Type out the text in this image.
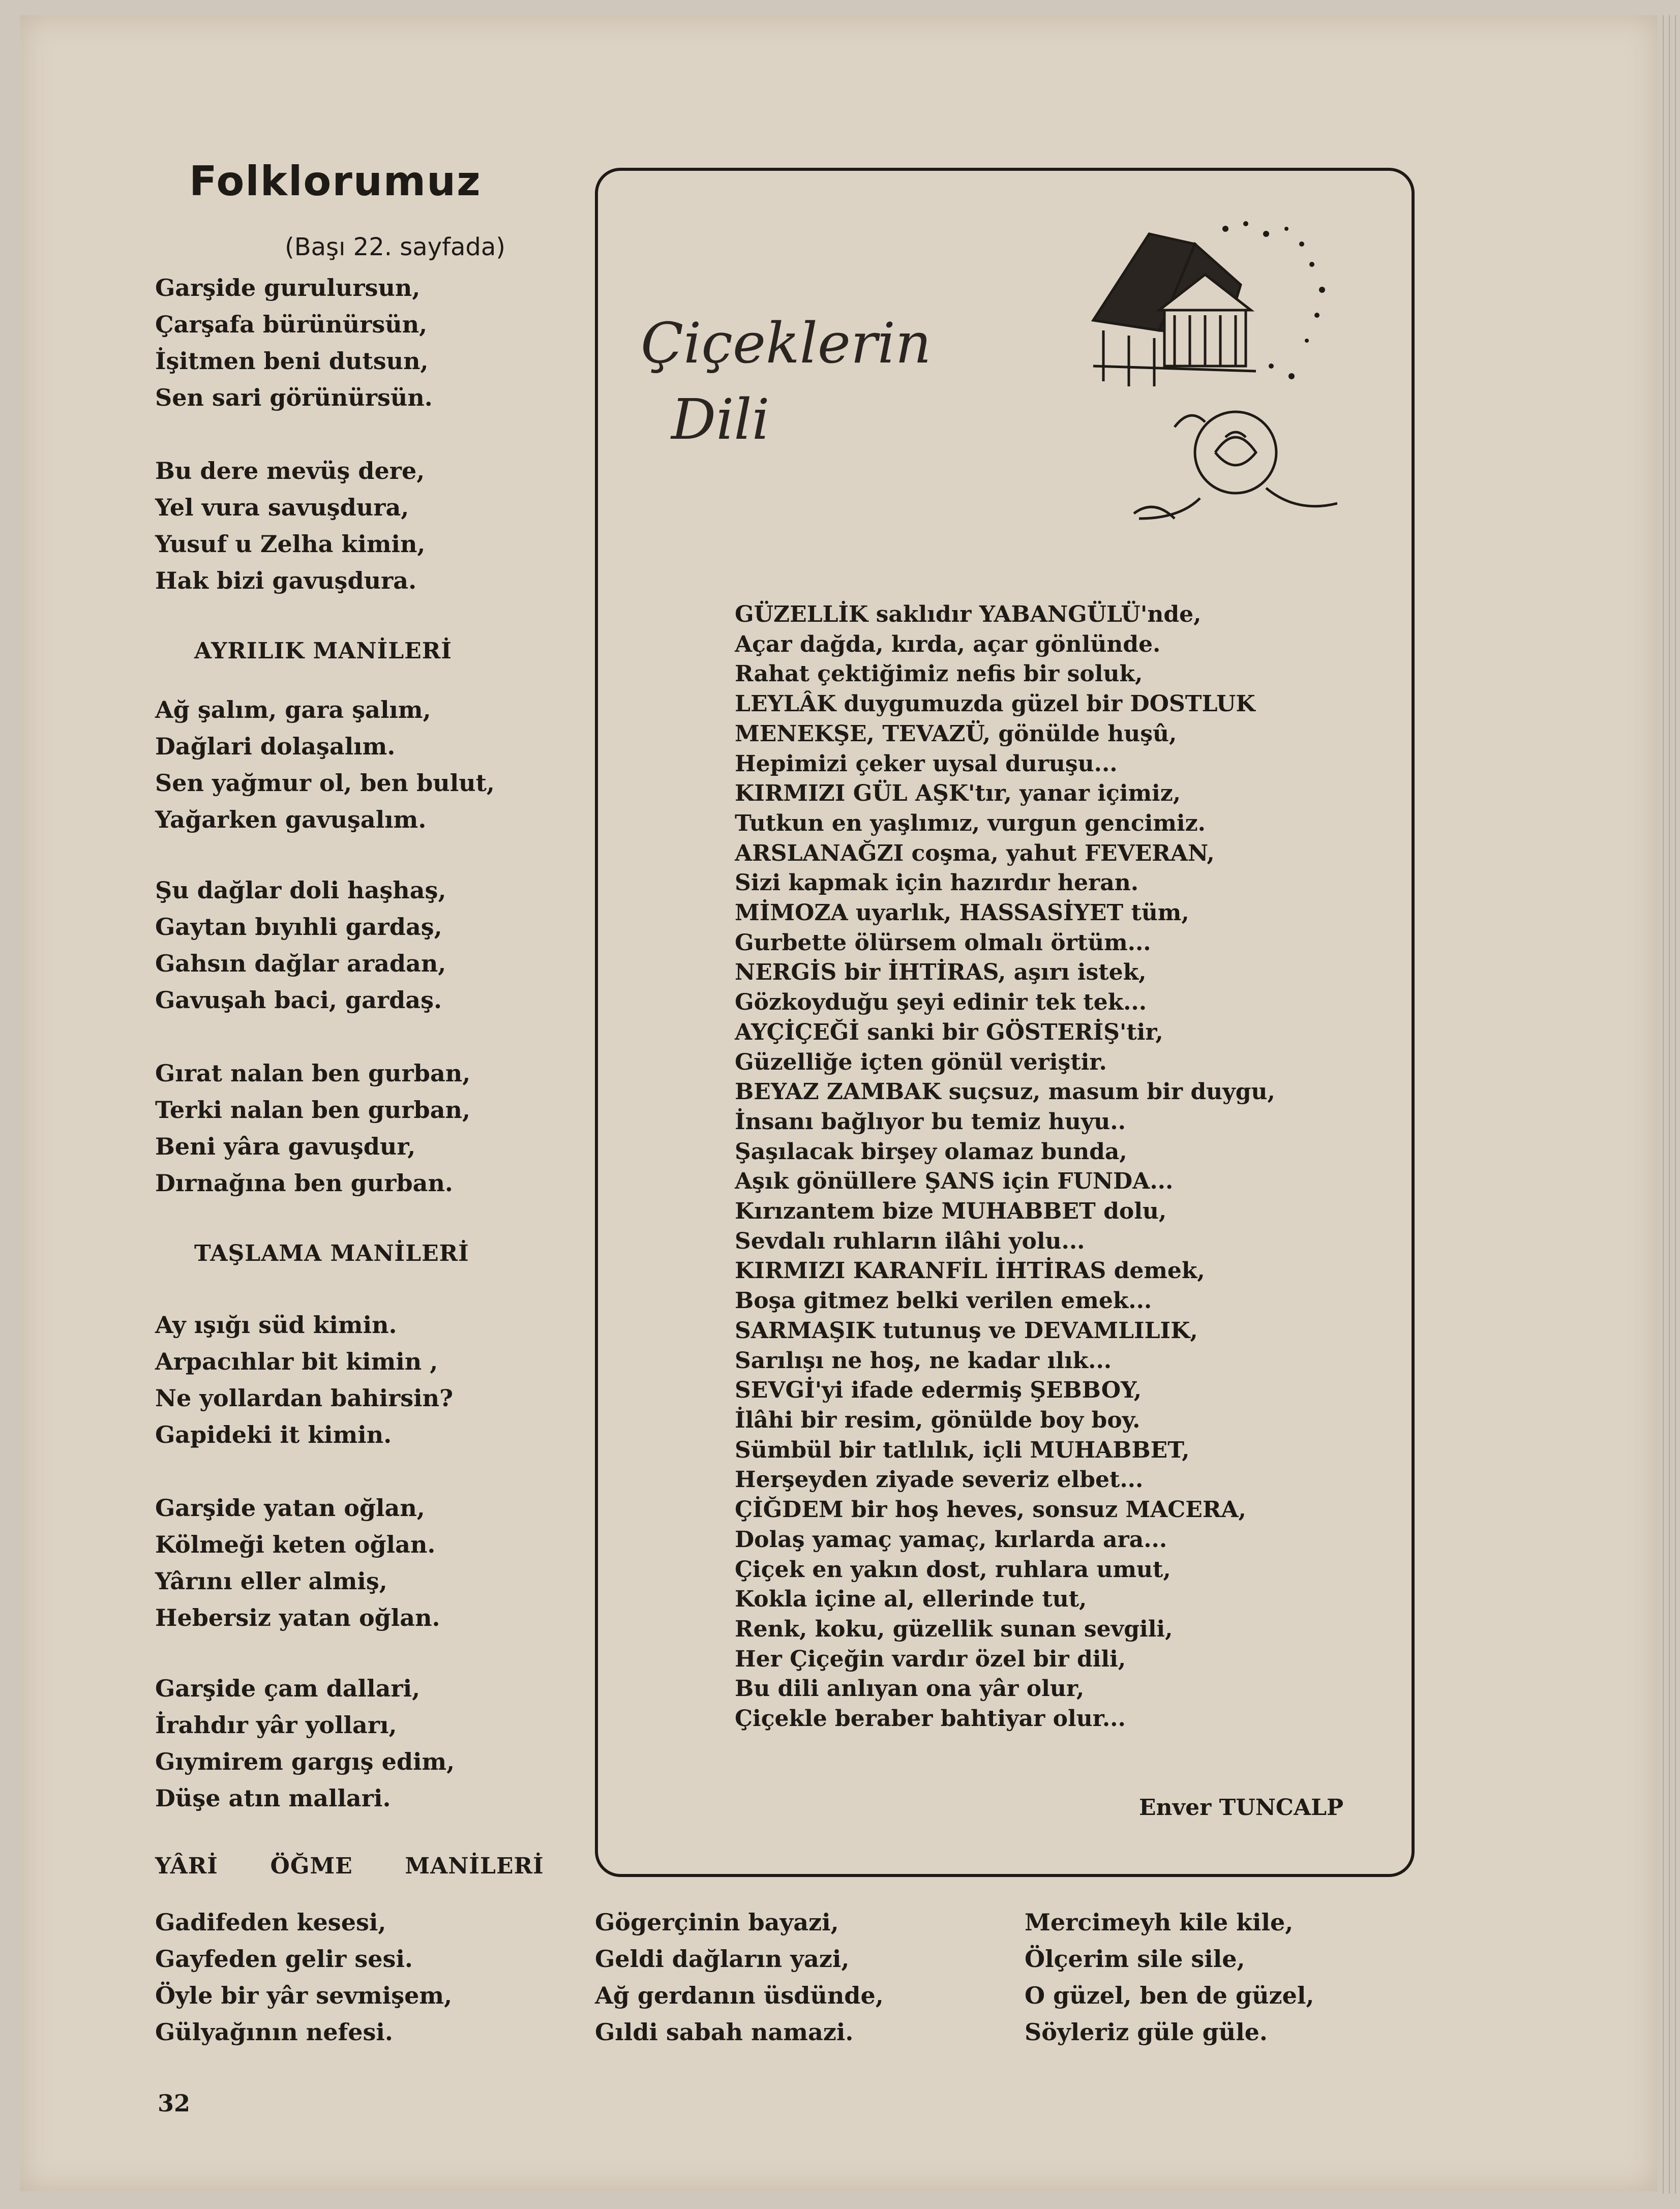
Folklorumuz
(Başı 22. sayfada)
Garşide gurulursun,
Çarşafa bürünürsün,
İşitmen beni dutsun,
Sen sari görünürsün.
Bu dere mevüş dere,
Yel vura savuşdura,
Yusuf u Zelha kimin,
Hak bizi gavuşdura.
AYRILIK MANİLERİ
Ağ şalım, gara şalım,
Dağlari dolaşalım.
Sen yağmur ol, ben bulut,
Yağarken gavuşalım.
Şu dağlar doli haşhaş,
Gaytan bıyıhli gardaş,
Gahsın dağlar aradan,
Gavuşah baci, gardaş.
Gırat nalan ben gurban,
Terki nalan ben gurban,
Beni yâra gavuşdur,
Dırnağına ben gurban.
TAŞLAMA MANİLERİ
Ay ışığı süd kimin.
Arpacıhlar bit kimin ,
Ne yollardan bahirsin?
Gapideki it kimin.
Garşide yatan oğlan,
Kölmeği keten oğlan.
Yârını eller almiş,
Hebersiz yatan oğlan.
Garşide çam dallari,
İrahdır yâr yolları,
Gıymirem gargış edim,
Düşe atın mallari.
Çiçeklerin
Dili
GÜZELLİK saklıdır YABANGÜLÜ'nde,
Açar dağda, kırda, açar gönlünde.
Rahat çektiğimiz nefis bir soluk,
LEYLÂK duygumuzda güzel bir DOSTLUK
MENEKŞE, TEVAZÜ, gönülde huşû,
Hepimizi çeker uysal duruşu...
KIRMIZI GÜL AŞK'tır, yanar içimiz,
Tutkun en yaşlımız, vurgun gencimiz.
ARSLANAĞZI coşma, yahut FEVERAN,
Sizi kapmak için hazırdır heran.
MİMOZA uyarlık, HASSASİYET tüm,
Gurbette ölürsem olmalı örtüm...
NERGİS bir İHTİRAS, aşırı istek,
Gözkoyduğu şeyi edinir tek tek...
AYÇİÇEĞİ sanki bir GÖSTERİŞ'tir,
Güzelliğe içten gönül veriştir.
BEYAZ ZAMBAK suçsuz, masum bir duygu,
İnsanı bağlıyor bu temiz huyu..
Şaşılacak birşey olamaz bunda,
Aşık gönüllere ŞANS için FUNDA...
Kırızantem bize MUHABBET dolu,
Sevdalı ruhların ilâhi yolu...
KIRMIZI KARANFİL İHTİRAS demek,
Boşa gitmez belki verilen emek...
SARMAŞIK tutunuş ve DEVAMLILIK,
Sarılışı ne hoş, ne kadar ılık...
SEVGİ'yi ifade edermiş ŞEBBOY,
İlâhi bir resim, gönülde boy boy.
Sümbül bir tatlılık, içli MUHABBET,
Herşeyden ziyade severiz elbet...
ÇİĞDEM bir hoş heves, sonsuz MACERA,
Dolaş yamaç yamaç, kırlarda ara...
Çiçek en yakın dost, ruhlara umut,
Kokla içine al, ellerinde tut,
Renk, koku, güzellik sunan sevgili,
Her Çiçeğin vardır özel bir dili,
Bu dili anlıyan ona yâr olur,
Çiçekle beraber bahtiyar olur...
Enver TUNCALP
YÂRİ ÖĞME MANİLERİ
Gadifeden kesesi,
Gayfeden gelir sesi.
Öyle bir yâr sevmişem,
Gülyağının nefesi.
Gögerçinin bayazi,
Geldi dağların yazi,
Ağ gerdanın üsdünde,
Gıldi sabah namazi.
Mercimeyh kile kile,
Ölçerim sile sile,
O güzel, ben de güzel,
Söyleriz güle güle.
32
